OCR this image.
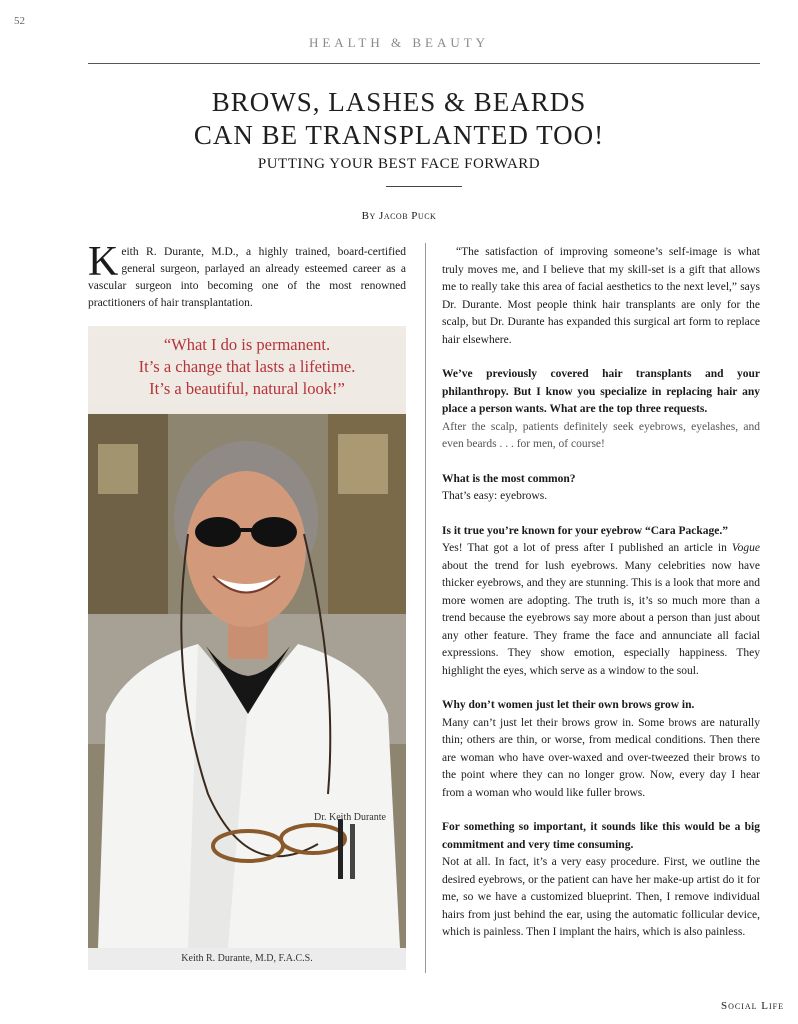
52
HEALTH & BEAUTY
BROWS, LASHES & BEARDS
CAN BE TRANSPLANTED TOO!
PUTTING YOUR BEST FACE FORWARD
By Jacob Puck

Keith R. Durante, M.D., a highly trained, board-certified general surgeon, parlayed an already esteemed career as a vascular surgeon into becoming one of the most renowned practitioners of hair transplantation.

“What I do is permanent.
It’s a change that lasts a lifetime.
It’s a beautiful, natural look!”
Dr. Keith Durante
Keith R. Durante, M.D, F.A.C.S.

“The satisfaction of improving someone’s self-image is what truly moves me, and I believe that my skill-set is a gift that allows me to really take this area of facial aesthetics to the next level,” says Dr. Durante. Most people think hair transplants are only for the scalp, but Dr. Durante has expanded this surgical art form to replace hair elsewhere.

We’ve previously covered hair transplants and your philanthropy. But I know you specialize in replacing hair any place a person wants. What are the top three requests.
After the scalp, patients definitely seek eyebrows, eyelashes, and even beards . . . for men, of course!

What is the most common?
That’s easy: eyebrows.

Is it true you’re known for your eyebrow “Cara Package.”
Yes! That got a lot of press after I published an article in Vogue about the trend for lush eyebrows. Many celebrities now have thicker eyebrows, and they are stunning. This is a look that more and more women are adopting. The truth is, it’s so much more than a trend because the eyebrows say more about a person than just about any other feature. They frame the face and annunciate all facial expressions. They show emotion, especially happiness. They highlight the eyes, which serve as a window to the soul.

Why don’t women just let their own brows grow in.
Many can’t just let their brows grow in. Some brows are naturally thin; others are thin, or worse, from medical conditions. Then there are woman who have over-waxed and over-tweezed their brows to the point where they can no longer grow. Now, every day I hear from a woman who would like fuller brows.

For something so important, it sounds like this would be a big commitment and very time consuming.
Not at all. In fact, it’s a very easy procedure. First, we outline the desired eyebrows, or the patient can have her make-up artist do it for me, so we have a customized blueprint. Then, I remove individual hairs from just behind the ear, using the automatic follicular device, which is painless. Then I implant the hairs, which is also painless.

Social Life
